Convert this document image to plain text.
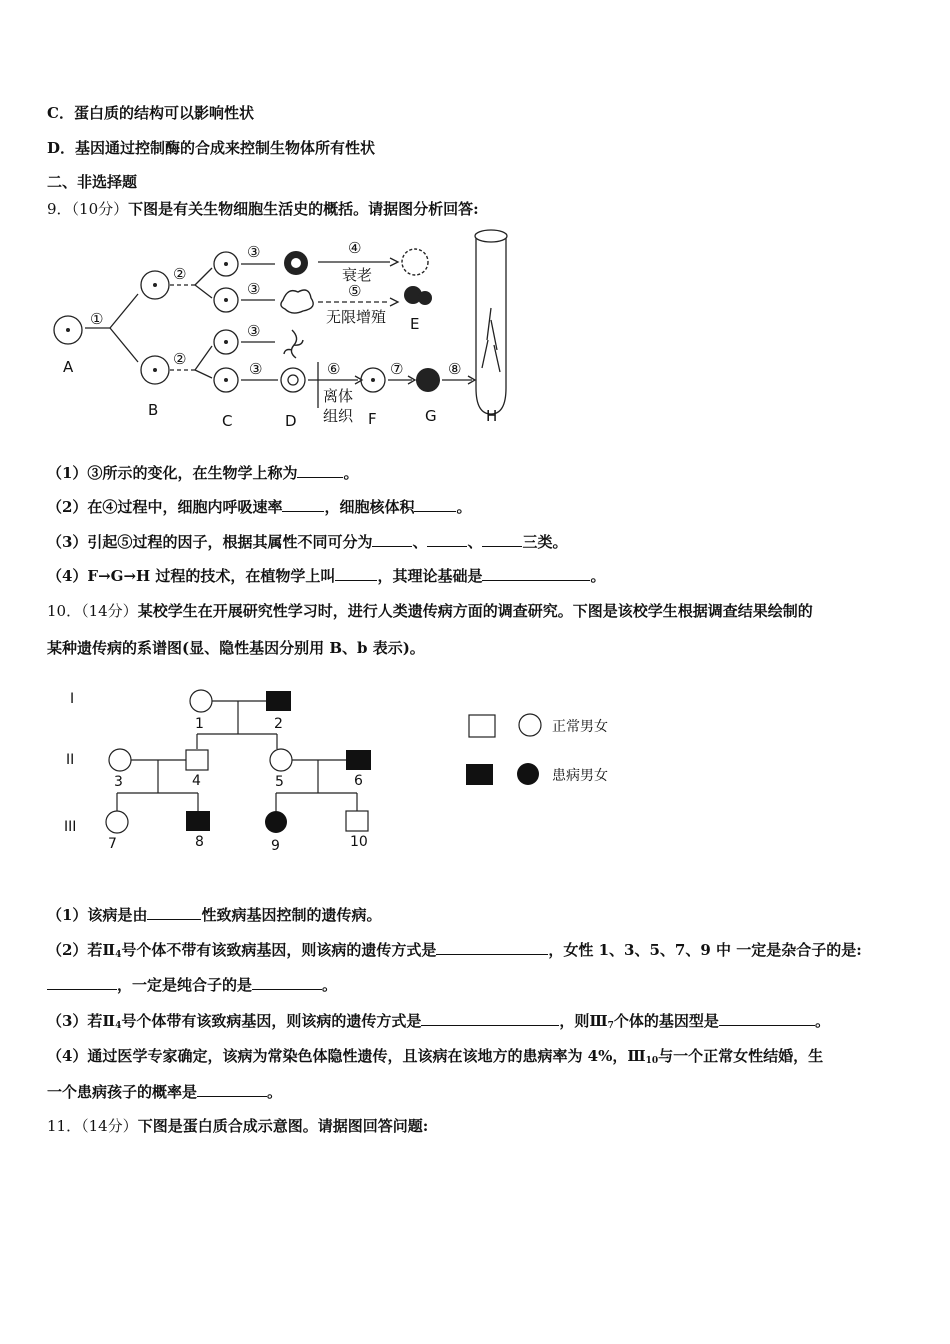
C．蛋白质的结构可以影响性状
D．基因通过控制酶的合成来控制生物体所有性状
二、非选择题
9．（10分）下图是有关生物细胞生活史的概括。请据图分析回答:
①
②
②
③
③
③
③
④
⑤
⑥	⑦	⑧
衰老
无限增殖
离体
组织
A
B
C	D
E
F	G	H
（1）③所示的变化，在生物学上称为	。
（2）在④过程中，细胞内呼吸速率	，细胞核体积	。
（3）引起⑤过程的因子，根据其属性不同可分为	、	、	三类。
（4）F→G→H 过程的技术，在植物学上叫	，其理论基础是	。
10．（14分）某校学生在开展研究性学习时，进行人类遗传病方面的调查研究。下图是该校学生根据调查结果绘制的
某种遗传病的系谱图(显、隐性基因分别用 B、b 表示)。
I
II
III
1	2
3	4	5	6
7	8	9	10
正常男女
患病男女
（1）该病是由	性致病基因控制的遗传病。
（2）若$Ⅱ_4$号个体不带有该致病基因，则该病的遗传方式是	，女性 1、3、5、7、9 中 一定是杂合子的是:
，一定是纯合子的是	。
（3）若$Ⅱ_4$号个体带有该致病基因，则该病的遗传方式是	，则$Ⅲ_7$个体的基因型是	。
（4）通过医学专家确定，该病为常染色体隐性遗传，且该病在该地方的患病率为 4%，$Ⅲ_{10}$与一个正常女性结婚，生
一个患病孩子的概率是	。
11．（14分）下图是蛋白质合成示意图。请据图回答问题:
